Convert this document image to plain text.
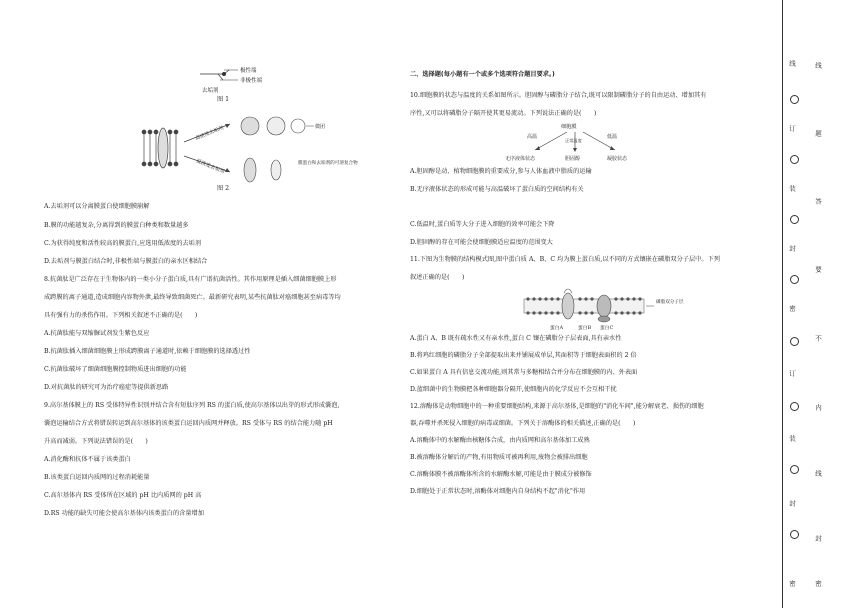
极性端
非极性端
去垢剂
图 1
高浓度去垢剂
低浓度去垢剂
微团
膜蛋白和去垢剂的可溶复合物
图 2
A.去垢剂可以分离膜蛋白使细胞膜崩解
B.膜的功能越复杂,分离得到的膜蛋白种类和数量越多
C.为获得纯度和活性较高的膜蛋白,应选用低浓度的去垢剂
D.去垢剂与膜蛋白结合时,非极性端与膜蛋白的亲水区相结合
8.抗菌肽是广泛存在于生物体内的一类小分子蛋白质,具有广谱抗菌活性。其作用原理是插入细菌细胞膜上形
成跨膜的离子通道,造成细胞内容物外泄,最终导致细菌死亡。最新研究表明,某些抗菌肽对癌细胞甚至病毒等均
具有强有力的杀伤作用。下列相关叙述不正确的是(　　)
A.抗菌肽能与双缩脲试剂发生紫色反应
B.抗菌肽插入细菌细胞膜上形成跨膜离子通道时,依赖于细胞膜的选择透过性
C.抗菌肽破坏了细菌细胞膜控制物质进出细胞的功能
D.对抗菌肽的研究可为治疗癌症等提供新思路
9.高尔基体膜上的 RS 受体特异性识别并结合含有短肽序列 RS 的蛋白质,使高尔基体以出芽的形式形成囊泡,
囊泡运输结合方式将错误转运到高尔基体的该类蛋白运回内质网并释放。RS 受体与 RS 的结合能力随 pH
升高而减弱。下列说法错误的是(　　)
A.消化酶和抗体不属于该类蛋白
B.该类蛋白运回内质网的过程消耗能量
C.高尔基体内 RS 受体所在区域的 pH 比内质网的 pH 高
D.RS 功能的缺失可能会使高尔基体内该类蛋白的含量增加
二、选择题(每小题有一个或多个选项符合题目要求。)
10.细胞膜的状态与温度的关系如图所示。胆固醇与磷脂分子结合,既可以限制磷脂分子的自由运动、增加其有
序性,又可以将磷脂分子隔开使其更易流动。下列说法正确的是(　　)
细胞膜
高温
正常温度
低温
无序液体状态	胆固醇	凝胶状态
A.胆固醇是动、植物细胞膜的重要成分,参与人体血液中脂质的运输
B.无序液体状态的形成可能与高温破坏了蛋白质的空间结构有关
C.低温时,蛋白质等大分子进入细胞的效率可能会下降
D.胆固醇的存在可能会使细胞膜适应温度的范围变大
11.下图为生物膜的结构模式图,图中蛋白质 A、B、C 均为膜上蛋白质,以不同的方式镶嵌在磷脂双分子层中。下列
叙述正确的是(　　)
磷脂双分子层
蛋白A	蛋白B 蛋白C
A.蛋白 A、B 既有疏水性又有亲水性,蛋白 C 镶在磷脂分子层表面,具有亲水性
B.将鸡红细胞的磷脂分子全部提取出来并铺展成单层,其面积等于细胞表面积的 2 倍
C.如果蛋白 A 具有信息交流功能,则其常与多糖相结合并分布在细胞膜的内、外表面
D.蓝细菌中的生物膜把各种细胞器分隔开,使细胞内的化学反应不会互相干扰
12.溶酶体是动物细胞中的一种重要细胞结构,来源于高尔基体,是细胞的"消化车间",能分解衰老、损伤的细胞
器,吞噬并杀死侵入细胞的病毒或细菌。下列关于溶酶体的相关描述,正确的是(　　)
A.溶酶体中的水解酶由核糖体合成，由内质网和高尔基体加工成熟
B.被溶酶体分解后的产物,有用物质可被再利用,废物会被排出细胞
C.溶酶体膜不被溶酶体所含的水解酶水解,可能是由于膜成分被修饰
D.细胞处于正常状态时,溶酶体对细胞内自身结构不起"消化"作用
线
订
装
封
密
订
装
封
密
线
题
答
要
不
内
线
封
密
